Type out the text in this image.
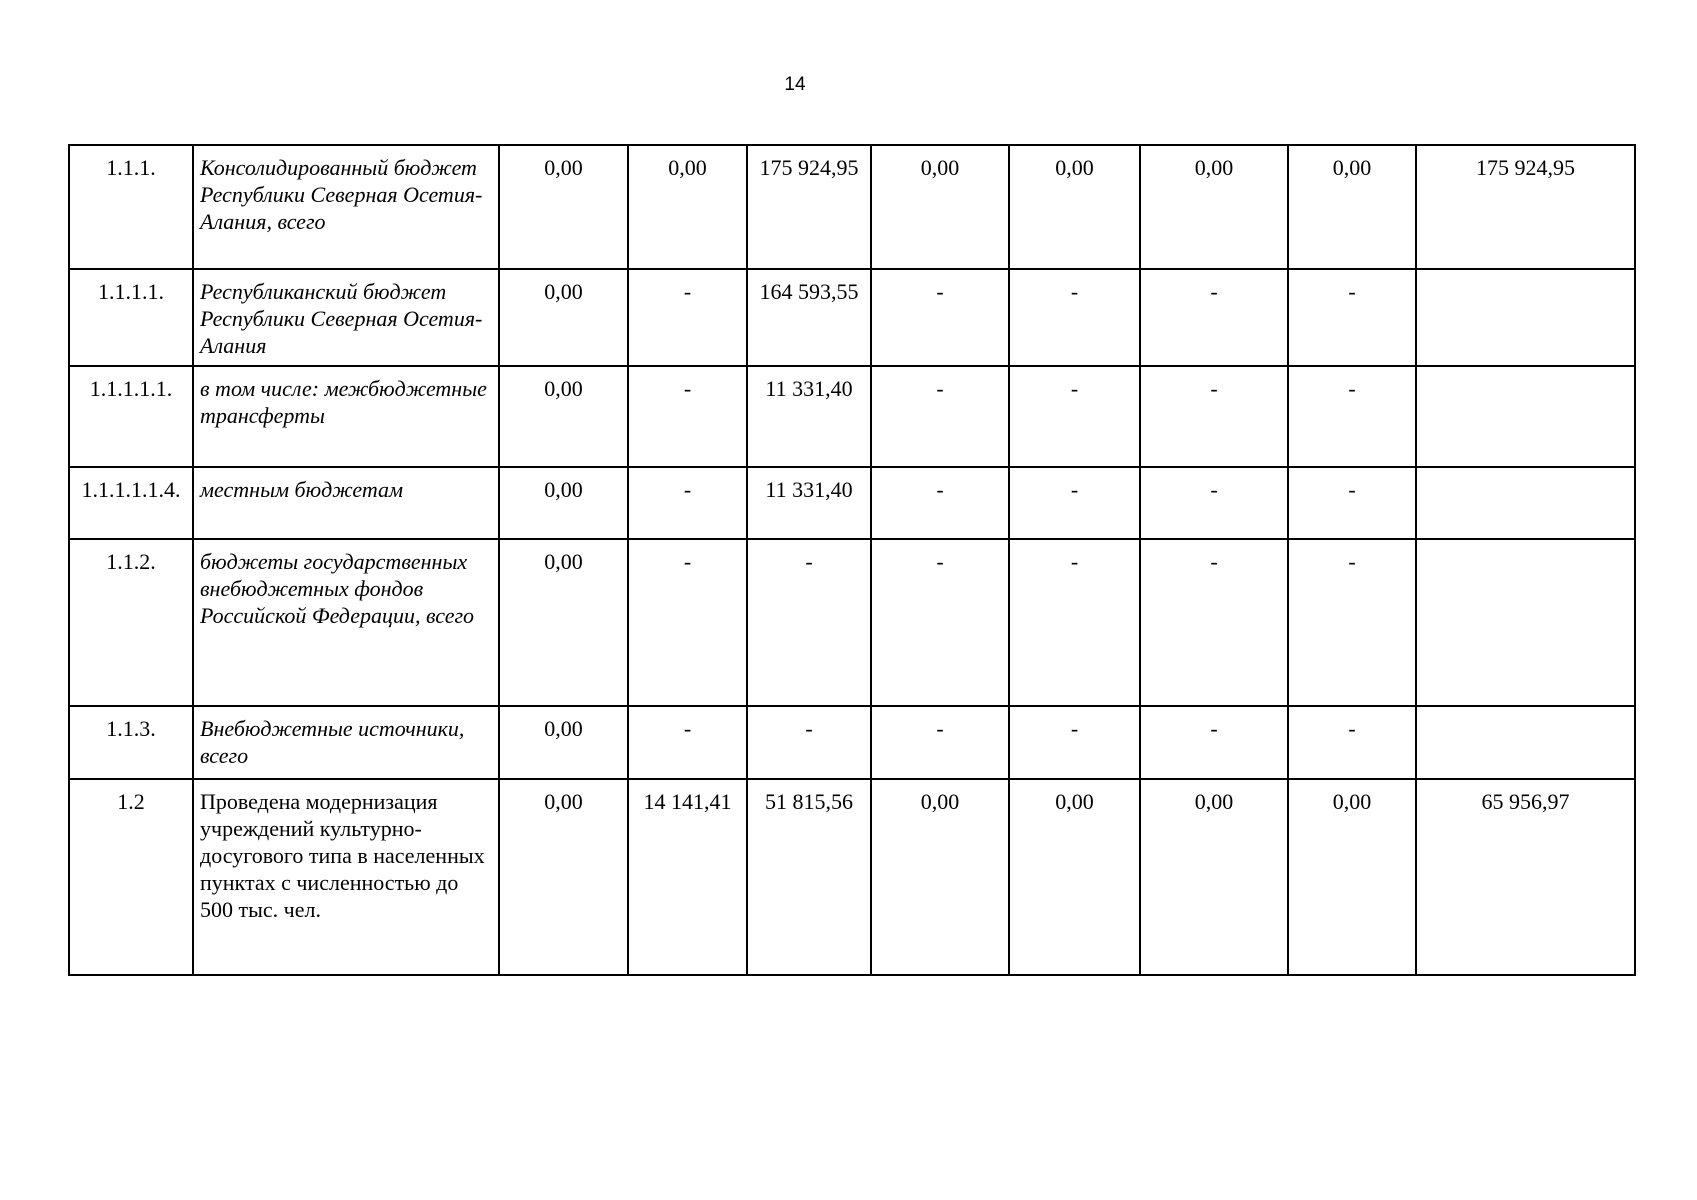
14
1.1.1.	Консолидированный бюджет Республики Северная Осетия-Алания, всего	0,00	0,00	175 924,95	0,00	0,00	0,00	0,00	175 924,95
1.1.1.1.	Республиканский бюджет Республики Северная Осетия-Алания	0,00	-	164 593,55	-	-	-	-	
1.1.1.1.1.	в том числе: межбюджетные трансферты	0,00	-	11 331,40	-	-	-	-	
1.1.1.1.1.4.	местным бюджетам	0,00	-	11 331,40	-	-	-	-	
1.1.2.	бюджеты государственных внебюджетных фондов Российской Федерации, всего	0,00	-	-	-	-	-	-	
1.1.3.	Внебюджетные источники, всего	0,00	-	-	-	-	-	-	
1.2	Проведена модернизация учреждений культурно-досугового типа в населенных пунктах с численностью до 500 тыс. чел.	0,00	14 141,41	51 815,56	0,00	0,00	0,00	0,00	65 956,97
